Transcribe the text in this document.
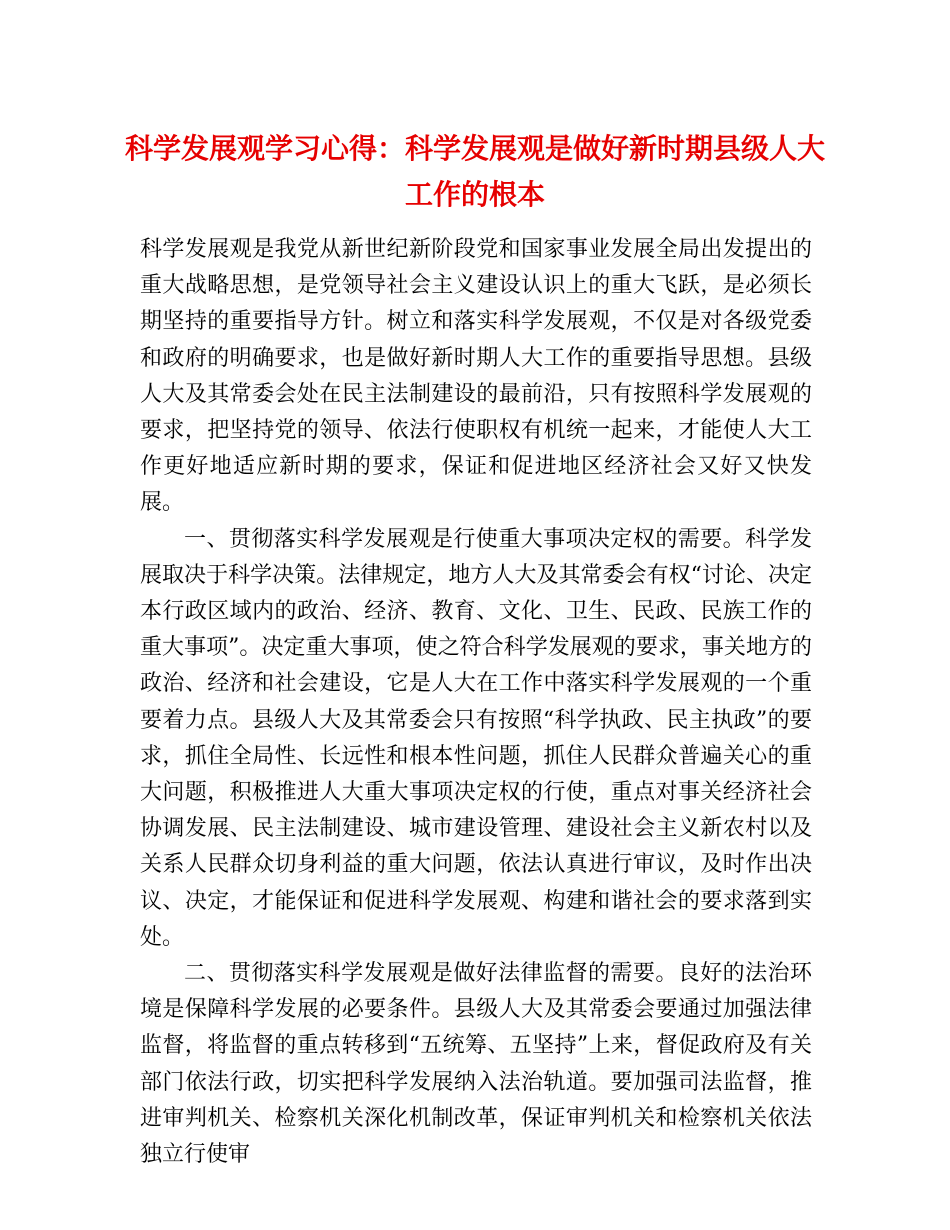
科学发展观学习心得：科学发展观是做好新时期县级人大工作的根本

科学发展观是我党从新世纪新阶段党和国家事业发展全局出发提出的重大战略思想，是党领导社会主义建设认识上的重大飞跃，是必须长期坚持的重要指导方针。树立和落实科学发展观，不仅是对各级党委和政府的明确要求，也是做好新时期人大工作的重要指导思想。县级人大及其常委会处在民主法制建设的最前沿，只有按照科学发展观的要求，把坚持党的领导、依法行使职权有机统一起来，才能使人大工作更好地适应新时期的要求，保证和促进地区经济社会又好又快发展。

一、贯彻落实科学发展观是行使重大事项决定权的需要。科学发展取决于科学决策。法律规定，地方人大及其常委会有权“讨论、决定本行政区域内的政治、经济、教育、文化、卫生、民政、民族工作的重大事项”。决定重大事项，使之符合科学发展观的要求，事关地方的政治、经济和社会建设，它是人大在工作中落实科学发展观的一个重要着力点。县级人大及其常委会只有按照“科学执政、民主执政”的要求，抓住全局性、长远性和根本性问题，抓住人民群众普遍关心的重大问题，积极推进人大重大事项决定权的行使，重点对事关经济社会协调发展、民主法制建设、城市建设管理、建设社会主义新农村以及关系人民群众切身利益的重大问题，依法认真进行审议，及时作出决议、决定，才能保证和促进科学发展观、构建和谐社会的要求落到实处。

二、贯彻落实科学发展观是做好法律监督的需要。良好的法治环境是保障科学发展的必要条件。县级人大及其常委会要通过加强法律监督，将监督的重点转移到“五统筹、五坚持”上来，督促政府及有关部门依法行政，切实把科学发展纳入法治轨道。要加强司法监督，推进审判机关、检察机关深化机制改革，保证审判机关和检察机关依法独立行使审
